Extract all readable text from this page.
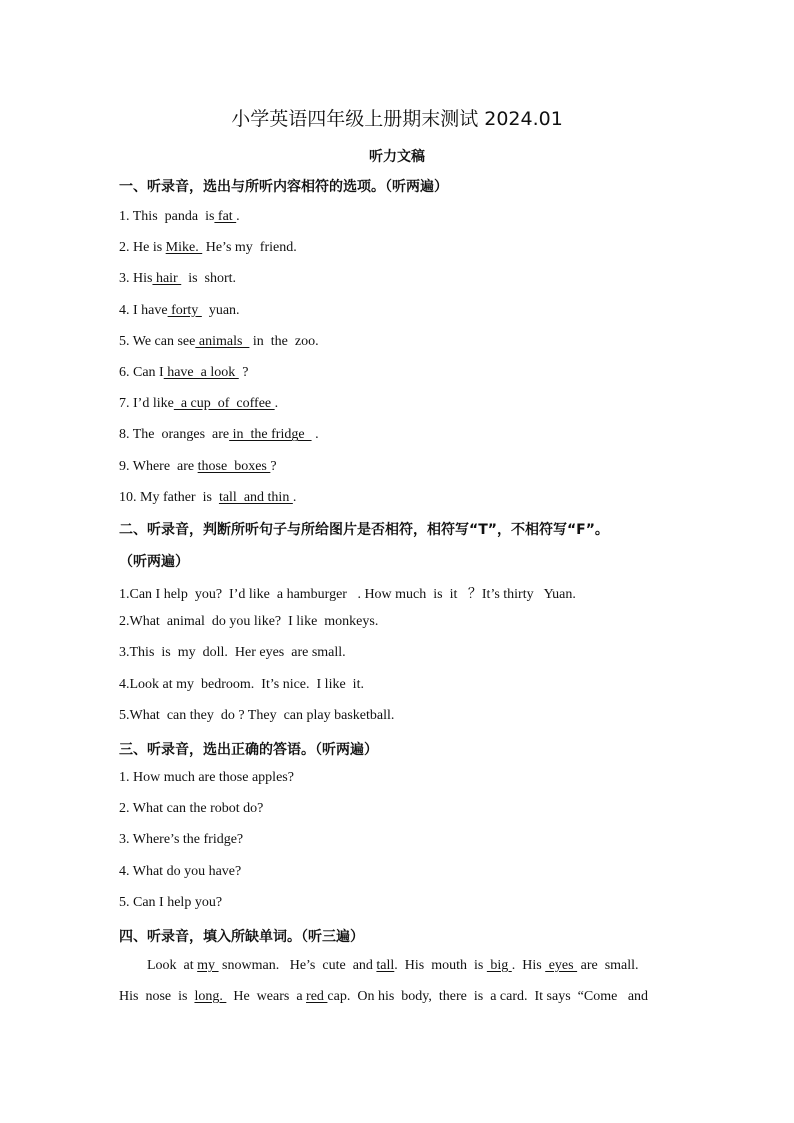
小学英语四年级上册期末测试 2024.01
听力文稿
一、听录音，选出与所听内容相符的选项。（听两遍）
1. This  panda  is fat .
2. He is Mike.  He’s my  friend.
3. His hair   is  short.
4. I have forty   yuan.
5. We can see animals   in  the  zoo.
6. Can I have  a look  ?
7. I’d like  a cup  of  coffee .
8. The  oranges  are in  the fridge   .
9. Where  are those  boxes ?
10. My father  is  tall  and thin .
二、听录音，判断所听句子与所给图片是否相符，相符写“T”，不相符写“F”。
（听两遍）
1.Can I help  you?  I’d like  a hamburger   . How much  is  it   ？It’s thirty   Yuan.
2.What  animal  do you like?  I like  monkeys.
3.This  is  my  doll.  Her eyes  are small.
4.Look at my  bedroom.  It’s nice.  I like  it.
5.What  can they  do ? They  can play basketball.
三、听录音，选出正确的答语。（听两遍）
1. How much are those apples?
2. What can the robot do?
3. Where’s the fridge?
4. What do you have?
5. Can I help you?
四、听录音，填入所缺单词。（听三遍）
Look  at my  snowman.   He’s  cute  and tall.  His  mouth  is  big .  His  eyes  are  small.
His  nose  is  long.   He  wears  a red cap.  On his  body,  there  is  a card.  It says  “Come   and
